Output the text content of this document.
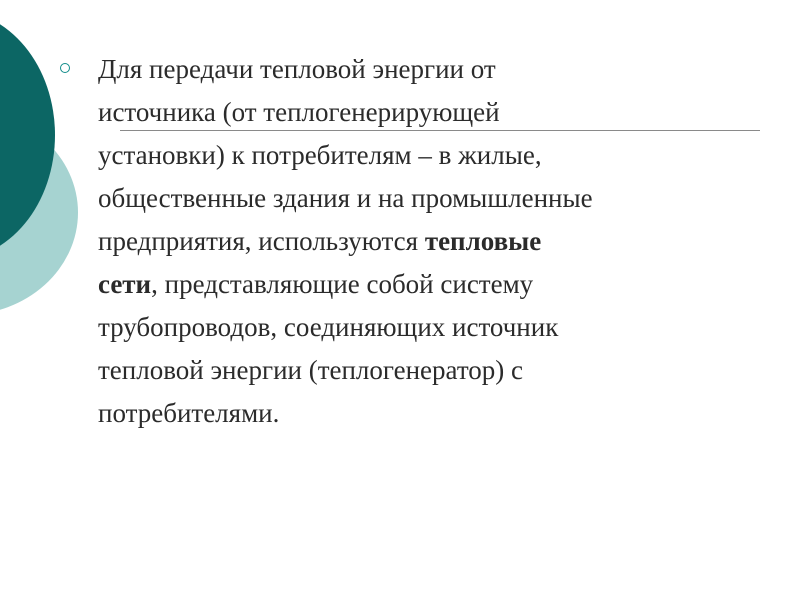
Для передачи тепловой энергии от
источника (от теплогенерирующей
установки) к потребителям – в жилые,
общественные здания и на промышленные
предприятия, используются тепловые
сети, представляющие собой систему
трубопроводов, соединяющих источник
тепловой энергии (теплогенератор) с
потребителями.
